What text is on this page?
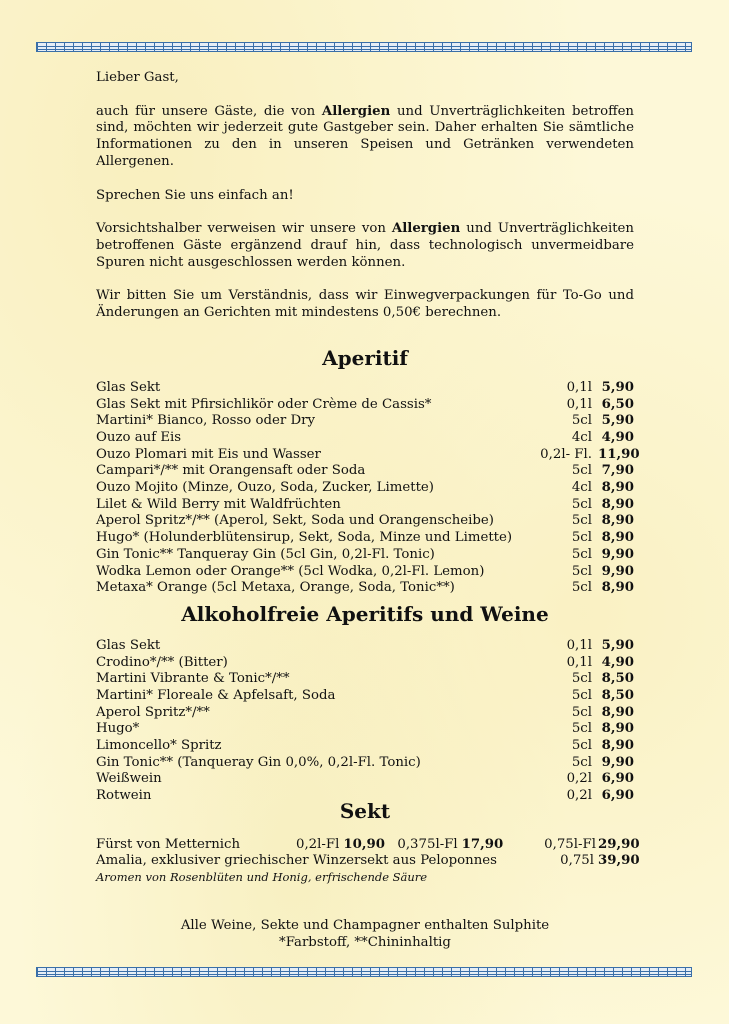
Lieber Gast,

auch für unsere Gäste, die von Allergien und Unverträglichkeiten betroffen sind, möchten wir jederzeit gute Gastgeber sein. Daher erhalten Sie sämtliche Informationen zu den in unseren Speisen und Getränken verwendeten Allergenen.

Sprechen Sie uns einfach an!

Vorsichtshalber verweisen wir unsere von Allergien und Unverträglichkeiten betroffenen Gäste ergänzend drauf hin, dass technologisch unvermeidbare Spuren nicht ausgeschlossen werden können.

Wir bitten Sie um Verständnis, dass wir Einwegverpackungen für To-Go und Änderungen an Gerichten mit mindestens 0,50€ berechnen.

Aperitif
Glas Sekt	0,1l 5,90
Glas Sekt mit Pfirsichlikör oder Crème de Cassis*	0,1l 6,50
Martini* Bianco, Rosso oder Dry	5cl 5,90
Ouzo auf Eis	4cl 4,90
Ouzo Plomari mit Eis und Wasser	0,2l- Fl. 11,90
Campari*/** mit Orangensaft oder Soda	5cl 7,90
Ouzo Mojito (Minze, Ouzo, Soda, Zucker, Limette)	4cl 8,90
Lilet & Wild Berry mit Waldfrüchten	5cl 8,90
Aperol Spritz*/** (Aperol, Sekt, Soda und Orangenscheibe)	5cl 8,90
Hugo* (Holunderblütensirup, Sekt, Soda, Minze und Limette)	5cl 8,90
Gin Tonic** Tanqueray Gin (5cl Gin, 0,2l-Fl. Tonic)	5cl 9,90
Wodka Lemon oder Orange** (5cl Wodka, 0,2l-Fl. Lemon)	5cl 9,90
Metaxa* Orange (5cl Metaxa, Orange, Soda, Tonic**)	5cl 8,90
Alkoholfreie Aperitifs und Weine
Glas Sekt	0,1l 5,90
Crodino*/** (Bitter)	0,1l 4,90
Martini Vibrante & Tonic*/**	5cl 8,50
Martini* Floreale & Apfelsaft, Soda	5cl 8,50
Aperol Spritz*/**	5cl 8,90
Hugo*	5cl 8,90
Limoncello* Spritz	5cl 8,90
Gin Tonic** (Tanqueray Gin 0,0%, 0,2l-Fl. Tonic)	5cl 9,90
Weißwein	0,2l 6,90
Rotwein	0,2l 6,90
Sekt
Fürst von Metternich	0,2l-Fl 10,90 0,375l-Fl 17,90	0,75l-Fl 29,90
Amalia, exklusiver griechischer Winzersekt aus Peloponnes	0,75l 39,90
Aromen von Rosenblüten und Honig, erfrischende Säure
Alle Weine, Sekte und Champagner enthalten Sulphite
*Farbstoff, **Chininhaltig
